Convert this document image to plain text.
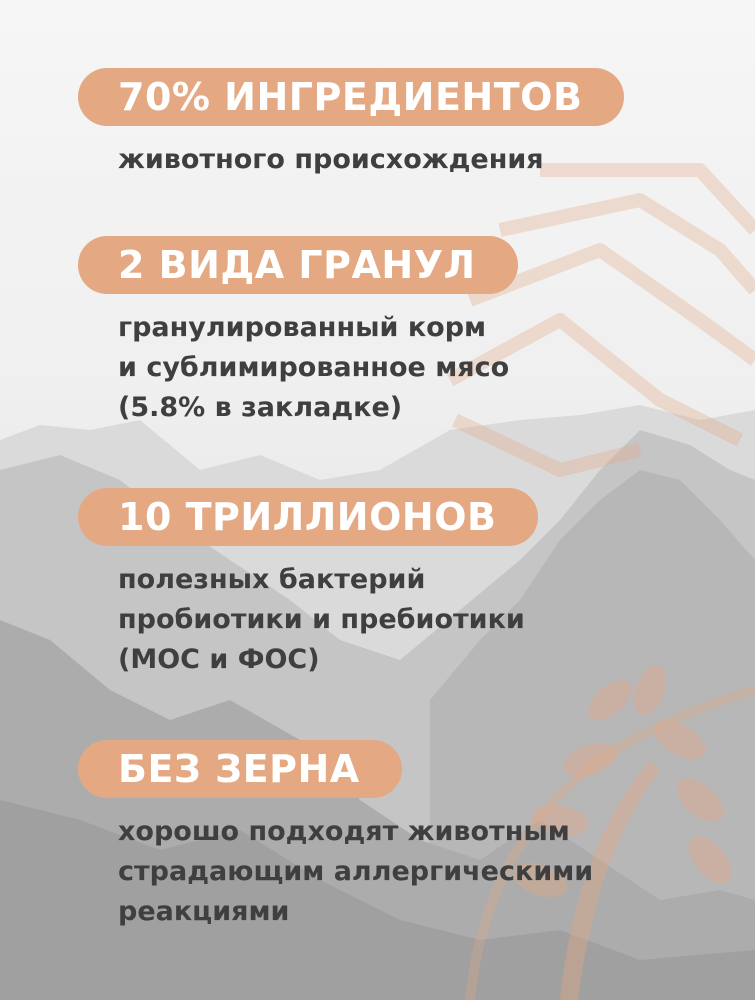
70% ИНГРЕДИЕНТОВ
животного происхождения
2 ВИДА ГРАНУЛ
гранулированный корм
и сублимированное мясо
(5.8% в закладке)
10 ТРИЛЛИОНОВ
полезных бактерий
пробиотики и пребиотики
(МОС и ФОС)
БЕЗ ЗЕРНА
хорошо подходят животным
страдающим аллергическими
реакциями
